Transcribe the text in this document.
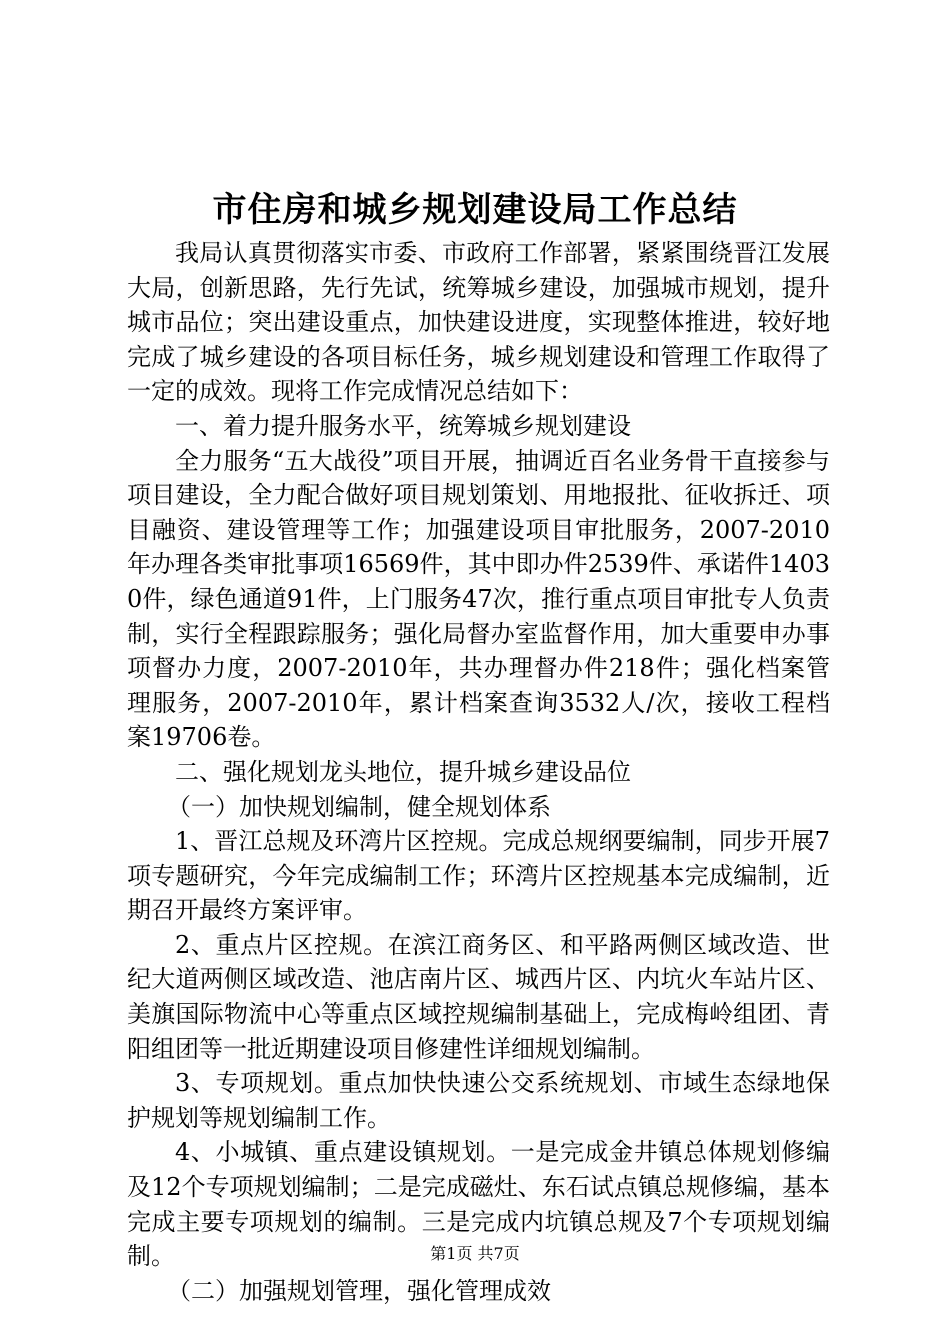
市住房和城乡规划建设局工作总结

我局认真贯彻落实市委、市政府工作部署，紧紧围绕晋江发展大局，创新思路，先行先试，统筹城乡建设，加强城市规划，提升城市品位；突出建设重点，加快建设进度，实现整体推进，较好地完成了城乡建设的各项目标任务，城乡规划建设和管理工作取得了一定的成效。现将工作完成情况总结如下：

一、着力提升服务水平，统筹城乡规划建设

全力服务“五大战役”项目开展，抽调近百名业务骨干直接参与项目建设，全力配合做好项目规划策划、用地报批、征收拆迁、项目融资、建设管理等工作；加强建设项目审批服务，2007-2010年办理各类审批事项16569件，其中即办件2539件、承诺件14030件，绿色通道91件，上门服务47次，推行重点项目审批专人负责制，实行全程跟踪服务；强化局督办室监督作用，加大重要申办事项督办力度，2007-2010年，共办理督办件218件；强化档案管理服务，2007-2010年，累计档案查询3532人/次，接收工程档案19706卷。

二、强化规划龙头地位，提升城乡建设品位

（一）加快规划编制，健全规划体系

1、晋江总规及环湾片区控规。完成总规纲要编制，同步开展7项专题研究，今年完成编制工作；环湾片区控规基本完成编制，近期召开最终方案评审。

2、重点片区控规。在滨江商务区、和平路两侧区域改造、世纪大道两侧区域改造、池店南片区、城西片区、内坑火车站片区、美旗国际物流中心等重点区域控规编制基础上，完成梅岭组团、青阳组团等一批近期建设项目修建性详细规划编制。

3、专项规划。重点加快快速公交系统规划、市域生态绿地保护规划等规划编制工作。

4、小城镇、重点建设镇规划。一是完成金井镇总体规划修编及12个专项规划编制；二是完成磁灶、东石试点镇总规修编，基本完成主要专项规划的编制。三是完成内坑镇总规及7个专项规划编制。

（二）加强规划管理，强化管理成效

第1页 共7页
